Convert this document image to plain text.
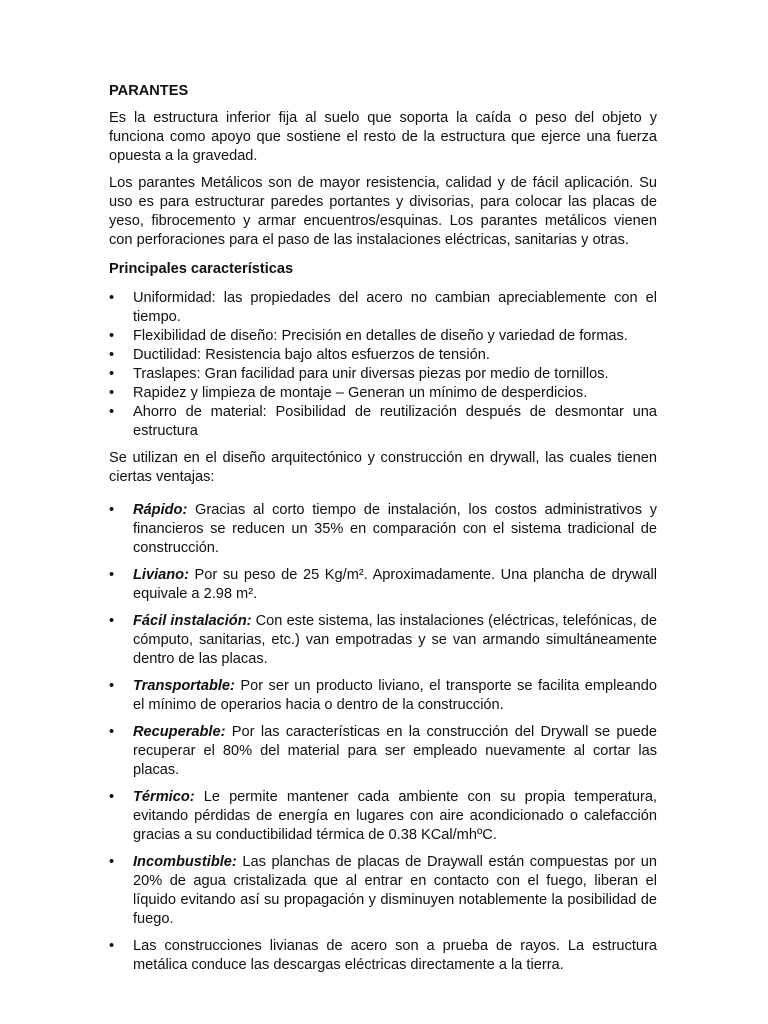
PARANTES

Es la estructura inferior fija al suelo que soporta la caída o peso del objeto y funciona como apoyo que sostiene el resto de la estructura que ejerce una fuerza opuesta a la gravedad.

Los parantes Metálicos son de mayor resistencia, calidad y de fácil aplicación. Su uso es para estructurar paredes portantes y divisorias, para colocar las placas de yeso, fibrocemento y armar encuentros/esquinas. Los parantes metálicos vienen con perforaciones para el paso de las instalaciones eléctricas, sanitarias y otras.

Principales características
•	Uniformidad: las propiedades del acero no cambian apreciablemente con el tiempo.
•	Flexibilidad de diseño: Precisión en detalles de diseño y variedad de formas.
•	Ductilidad: Resistencia bajo altos esfuerzos de tensión.
•	Traslapes: Gran facilidad para unir diversas piezas por medio de tornillos.
•	Rapidez y limpieza de montaje – Generan un mínimo de desperdicios.
•	Ahorro de material: Posibilidad de reutilización después de desmontar una estructura

Se utilizan en el diseño arquitectónico y construcción en drywall, las cuales tienen ciertas ventajas:

•	Rápido: Gracias al corto tiempo de instalación, los costos administrativos y financieros se reducen un 35% en comparación con el sistema tradicional de construcción.
•	Liviano: Por su peso de 25 Kg/m². Aproximadamente. Una plancha de drywall equivale a 2.98 m².
•	Fácil instalación: Con este sistema, las instalaciones (eléctricas, telefónicas, de cómputo, sanitarias, etc.) van empotradas y se van armando simultáneamente dentro de las placas.
•	Transportable: Por ser un producto liviano, el transporte se facilita empleando el mínimo de operarios hacia o dentro de la construcción.
•	Recuperable: Por las características en la construcción del Drywall se puede recuperar el 80% del material para ser empleado nuevamente al cortar las placas.
•	Térmico: Le permite mantener cada ambiente con su propia temperatura, evitando pérdidas de energía en lugares con aire acondicionado o calefacción gracias a su conductibilidad térmica de 0.38 KCal/mhºC.
•	Incombustible: Las planchas de placas de Draywall están compuestas por un 20% de agua cristalizada que al entrar en contacto con el fuego, liberan el líquido evitando así su propagación y disminuyen notablemente la posibilidad de fuego.
•	Las construcciones livianas de acero son a prueba de rayos. La estructura metálica conduce las descargas eléctricas directamente a la tierra.
